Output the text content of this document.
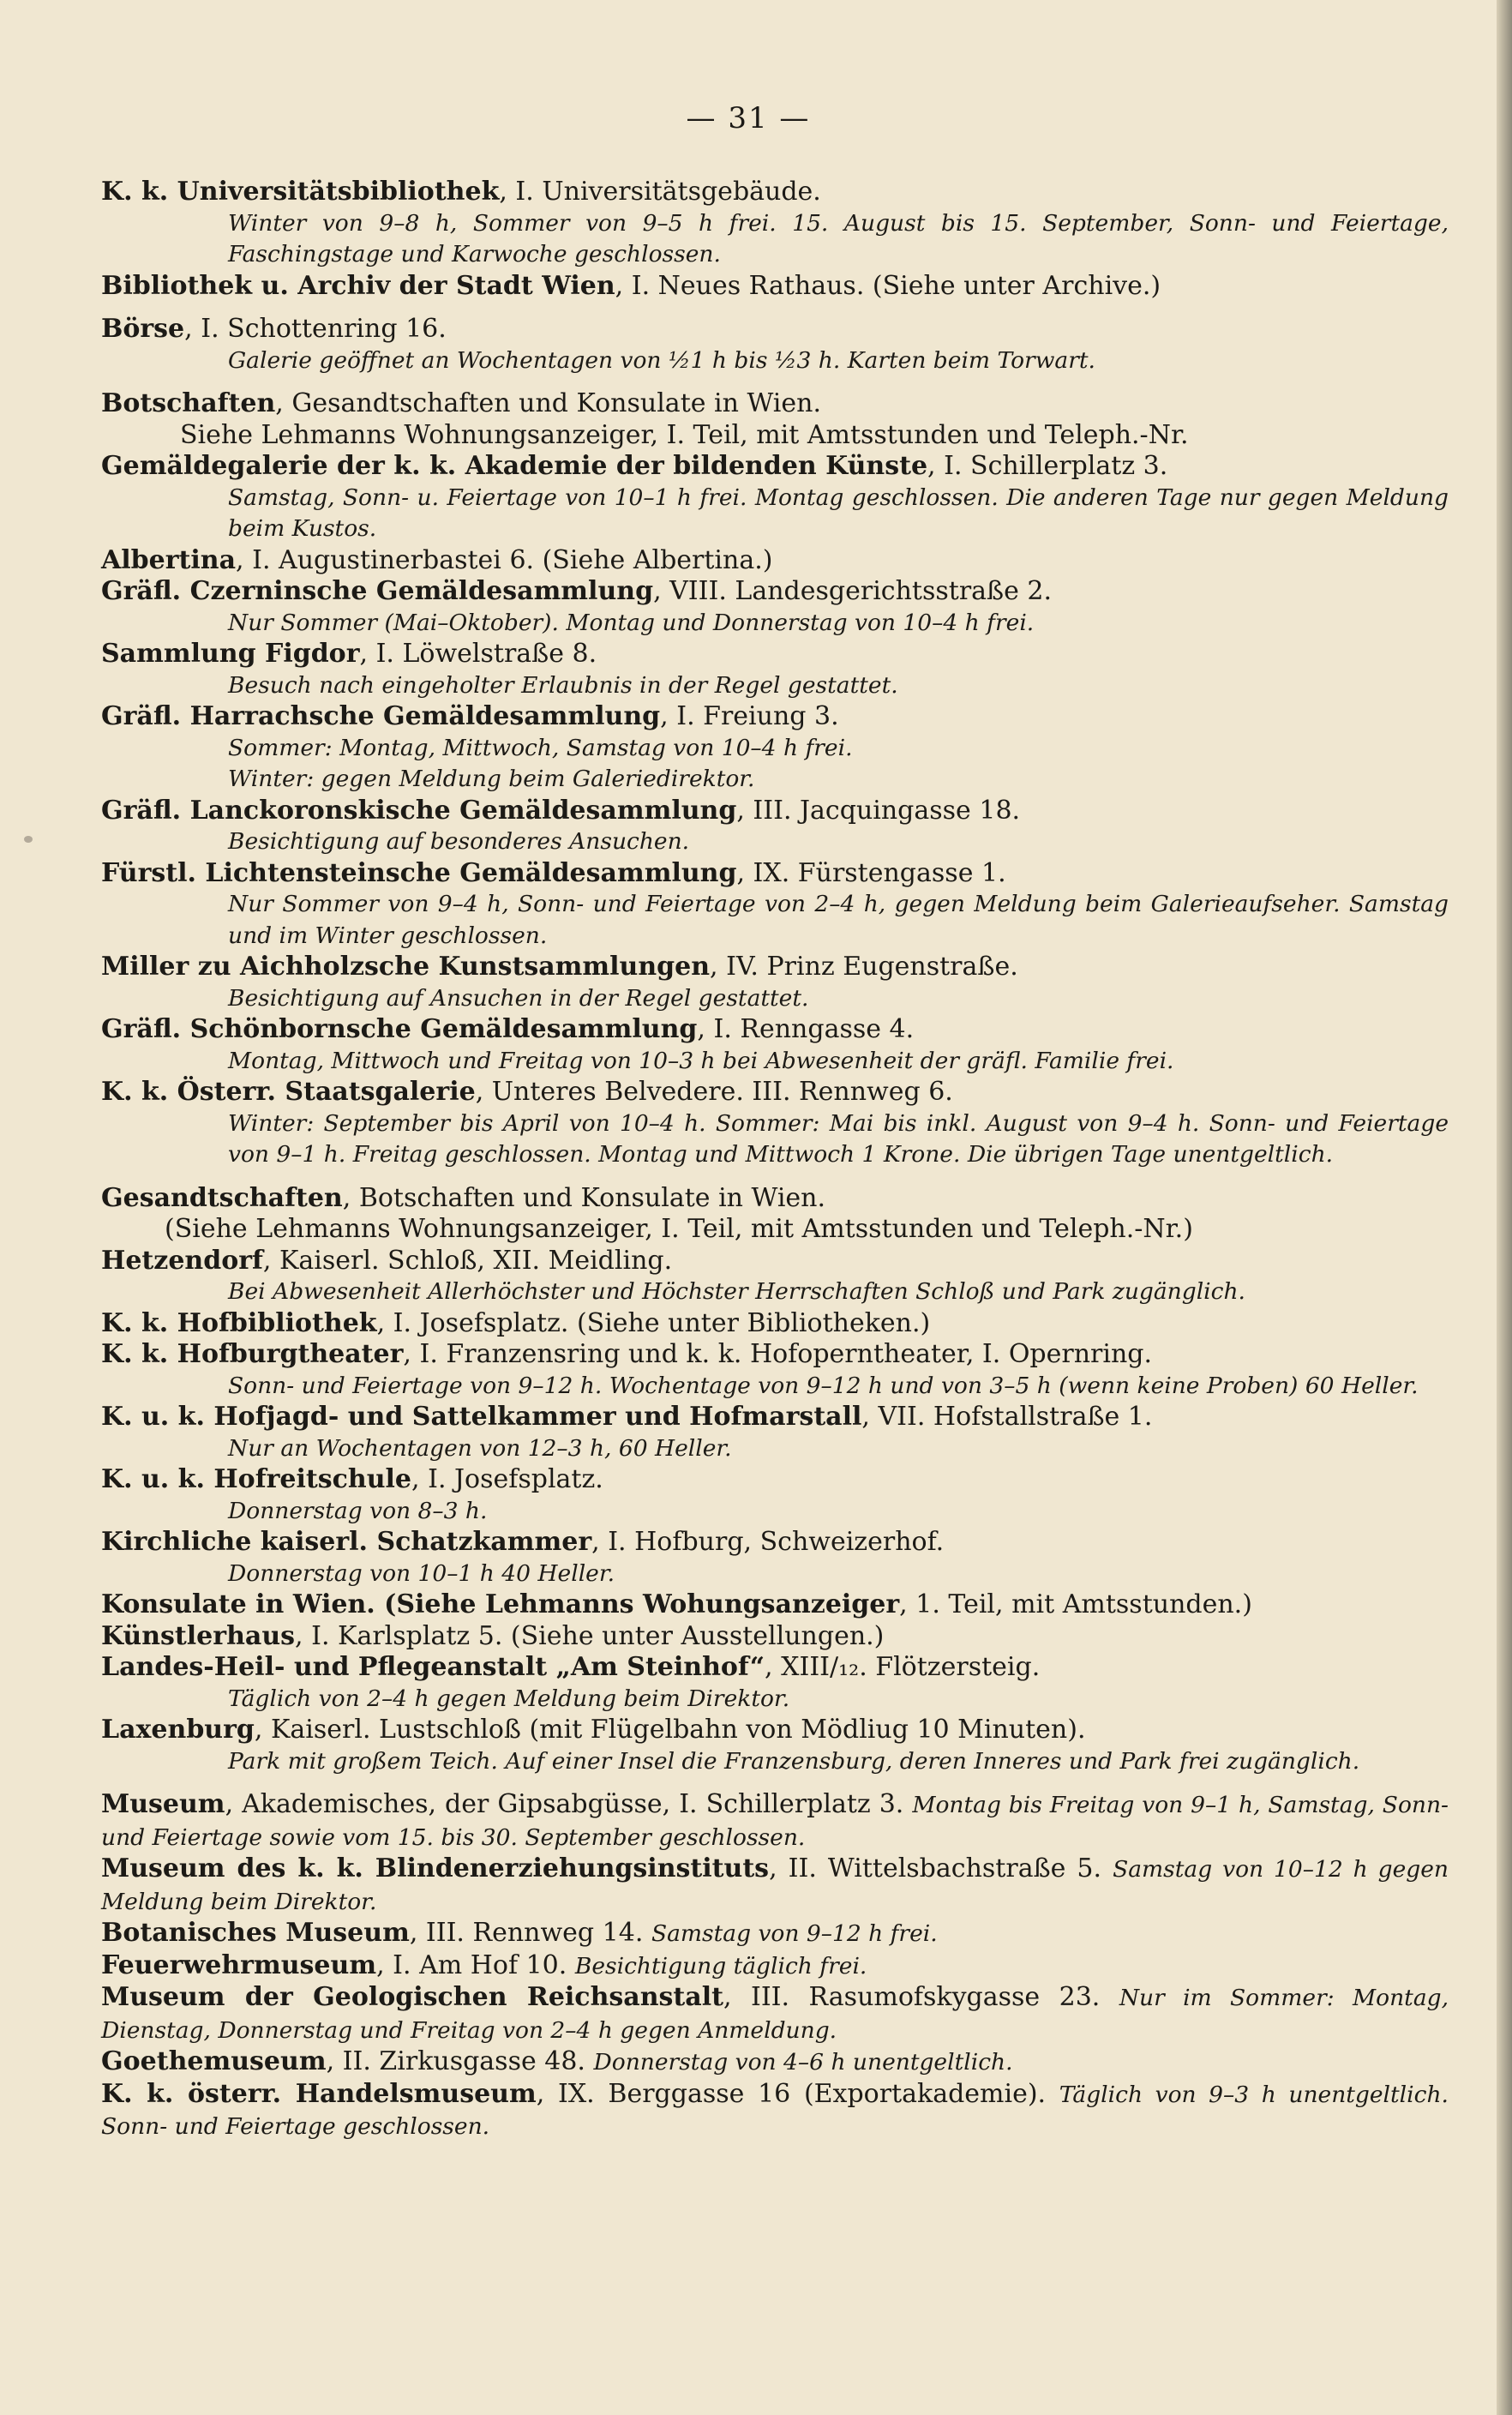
— 31 —
K. k. Universitätsbibliothek, I. Universitätsgebäude.
Winter von 9–8 h, Sommer von 9–5 h frei. 15. August bis 15. September, Sonn- und Feiertage, Faschingstage und Karwoche geschlossen.
Bibliothek u. Archiv der Stadt Wien, I. Neues Rathaus. (Siehe unter Archive.)
Börse, I. Schottenring 16.
Galerie geöffnet an Wochentagen von ½1 h bis ½3 h. Karten beim Torwart.
Botschaften, Gesandtschaften und Konsulate in Wien.
Siehe Lehmanns Wohnungsanzeiger, I. Teil, mit Amtsstunden und Teleph.-Nr.
Gemäldegalerie der k. k. Akademie der bildenden Künste, I. Schillerplatz 3.
Samstag, Sonn- u. Feiertage von 10–1 h frei. Montag geschlossen. Die anderen Tage nur gegen Meldung beim Kustos.
Albertina, I. Augustinerbastei 6. (Siehe Albertina.)
Gräfl. Czerninsche Gemäldesammlung, VIII. Landesgerichtsstraße 2.
Nur Sommer (Mai–Oktober). Montag und Donnerstag von 10–4 h frei.
Sammlung Figdor, I. Löwelstraße 8.
Besuch nach eingeholter Erlaubnis in der Regel gestattet.
Gräfl. Harrachsche Gemäldesammlung, I. Freiung 3.
Sommer: Montag, Mittwoch, Samstag von 10–4 h frei.
Winter: gegen Meldung beim Galeriedirektor.
Gräfl. Lanckoronskische Gemäldesammlung, III. Jacquingasse 18.
Besichtigung auf besonderes Ansuchen.
Fürstl. Lichtensteinsche Gemäldesammlung, IX. Fürstengasse 1.
Nur Sommer von 9–4 h, Sonn- und Feiertage von 2–4 h, gegen Meldung beim Galerieaufseher. Samstag und im Winter geschlossen.
Miller zu Aichholzsche Kunstsammlungen, IV. Prinz Eugenstraße.
Besichtigung auf Ansuchen in der Regel gestattet.
Gräfl. Schönbornsche Gemäldesammlung, I. Renngasse 4.
Montag, Mittwoch und Freitag von 10–3 h bei Abwesenheit der gräfl. Familie frei.
K. k. Österr. Staatsgalerie, Unteres Belvedere. III. Rennweg 6.
Winter: September bis April von 10–4 h. Sommer: Mai bis inkl. August von 9–4 h. Sonn- und Feiertage von 9–1 h. Freitag geschlossen. Montag und Mittwoch 1 Krone. Die übrigen Tage unentgeltlich.
Gesandtschaften, Botschaften und Konsulate in Wien.
(Siehe Lehmanns Wohnungsanzeiger, I. Teil, mit Amtsstunden und Teleph.-Nr.)
Hetzendorf, Kaiserl. Schloß, XII. Meidling.
Bei Abwesenheit Allerhöchster und Höchster Herrschaften Schloß und Park zugänglich.
K. k. Hofbibliothek, I. Josefsplatz. (Siehe unter Bibliotheken.)
K. k. Hofburgtheater, I. Franzensring und k. k. Hofoperntheater, I. Opernring.
Sonn- und Feiertage von 9–12 h. Wochentage von 9–12 h und von 3–5 h (wenn keine Proben) 60 Heller.
K. u. k. Hofjagd- und Sattelkammer und Hofmarstall, VII. Hofstallstraße 1.
Nur an Wochentagen von 12–3 h, 60 Heller.
K. u. k. Hofreitschule, I. Josefsplatz.
Donnerstag von 8–3 h.
Kirchliche kaiserl. Schatzkammer, I. Hofburg, Schweizerhof.
Donnerstag von 10–1 h 40 Heller.
Konsulate in Wien. (Siehe Lehmanns Wohungsanzeiger, 1. Teil, mit Amtsstunden.)
Künstlerhaus, I. Karlsplatz 5. (Siehe unter Ausstellungen.)
Landes-Heil- und Pflegeanstalt „Am Steinhof“, XIII/₁₂. Flötzersteig.
Täglich von 2–4 h gegen Meldung beim Direktor.
Laxenburg, Kaiserl. Lustschloß (mit Flügelbahn von Mödliug 10 Minuten).
Park mit großem Teich. Auf einer Insel die Franzensburg, deren Inneres und Park frei zugänglich.
Museum, Akademisches, der Gipsabgüsse, I. Schillerplatz 3. Montag bis Freitag von 9–1 h, Samstag, Sonn- und Feiertage sowie vom 15. bis 30. September geschlossen.
Museum des k. k. Blindenerziehungsinstituts, II. Wittelsbachstraße 5. Samstag von 10–12 h gegen Meldung beim Direktor.
Botanisches Museum, III. Rennweg 14. Samstag von 9–12 h frei.
Feuerwehrmuseum, I. Am Hof 10. Besichtigung täglich frei.
Museum der Geologischen Reichsanstalt, III. Rasumofskygasse 23. Nur im Sommer: Montag, Dienstag, Donnerstag und Freitag von 2–4 h gegen Anmeldung.
Goethemuseum, II. Zirkusgasse 48. Donnerstag von 4–6 h unentgeltlich.
K. k. österr. Handelsmuseum, IX. Berggasse 16 (Exportakademie). Täglich von 9–3 h unentgeltlich. Sonn- und Feiertage geschlossen.
